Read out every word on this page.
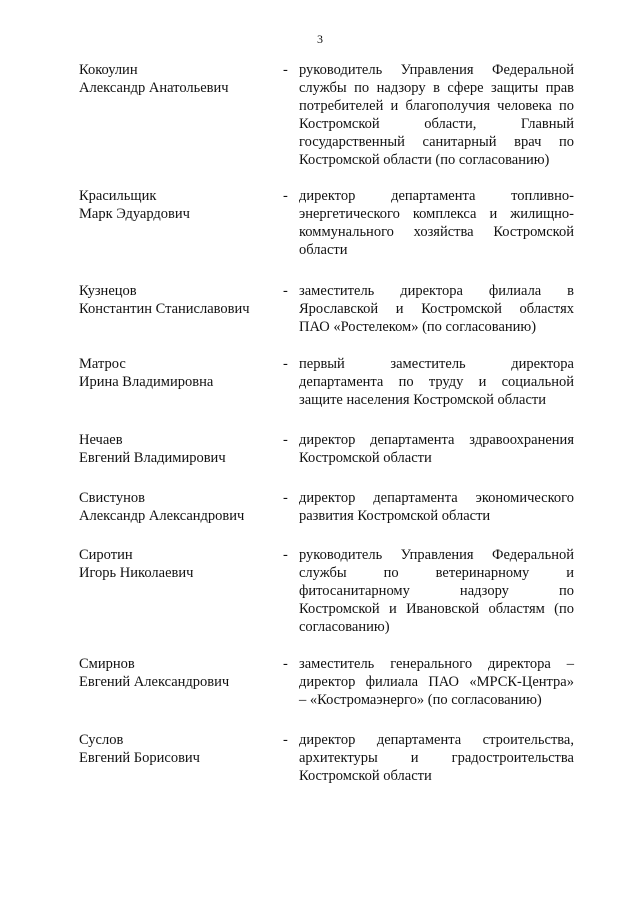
3
Кокоулин
Александр Анатольевич
- руководитель Управления Федеральной
службы по надзору в сфере защиты прав
потребителей и благополучия человека по
Костромской области, Главный
государственный санитарный врач по
Костромской области (по согласованию)
Красильщик
Марк Эдуардович
- директор департамента топливно-
энергетического комплекса и жилищно-
коммунального хозяйства Костромской
области
Кузнецов
Константин Станиславович
- заместитель директора филиала в
Ярославской и Костромской областях
ПАО «Ростелеком» (по согласованию)
Матрос
Ирина Владимировна
- первый заместитель директора
департамента по труду и социальной
защите населения Костромской области
Нечаев
Евгений Владимирович
- директор департамента здравоохранения
Костромской области
Свистунов
Александр Александрович
- директор департамента экономического
развития Костромской области
Сиротин
Игорь Николаевич
- руководитель Управления Федеральной
службы по ветеринарному и
фитосанитарному надзору по
Костромской и Ивановской областям (по
согласованию)
Смирнов
Евгений Александрович
- заместитель генерального директора –
директор филиала ПАО «МРСК-Центра»
– «Костромаэнерго» (по согласованию)
Суслов
Евгений Борисович
- директор департамента строительства,
архитектуры и градостроительства
Костромской области
